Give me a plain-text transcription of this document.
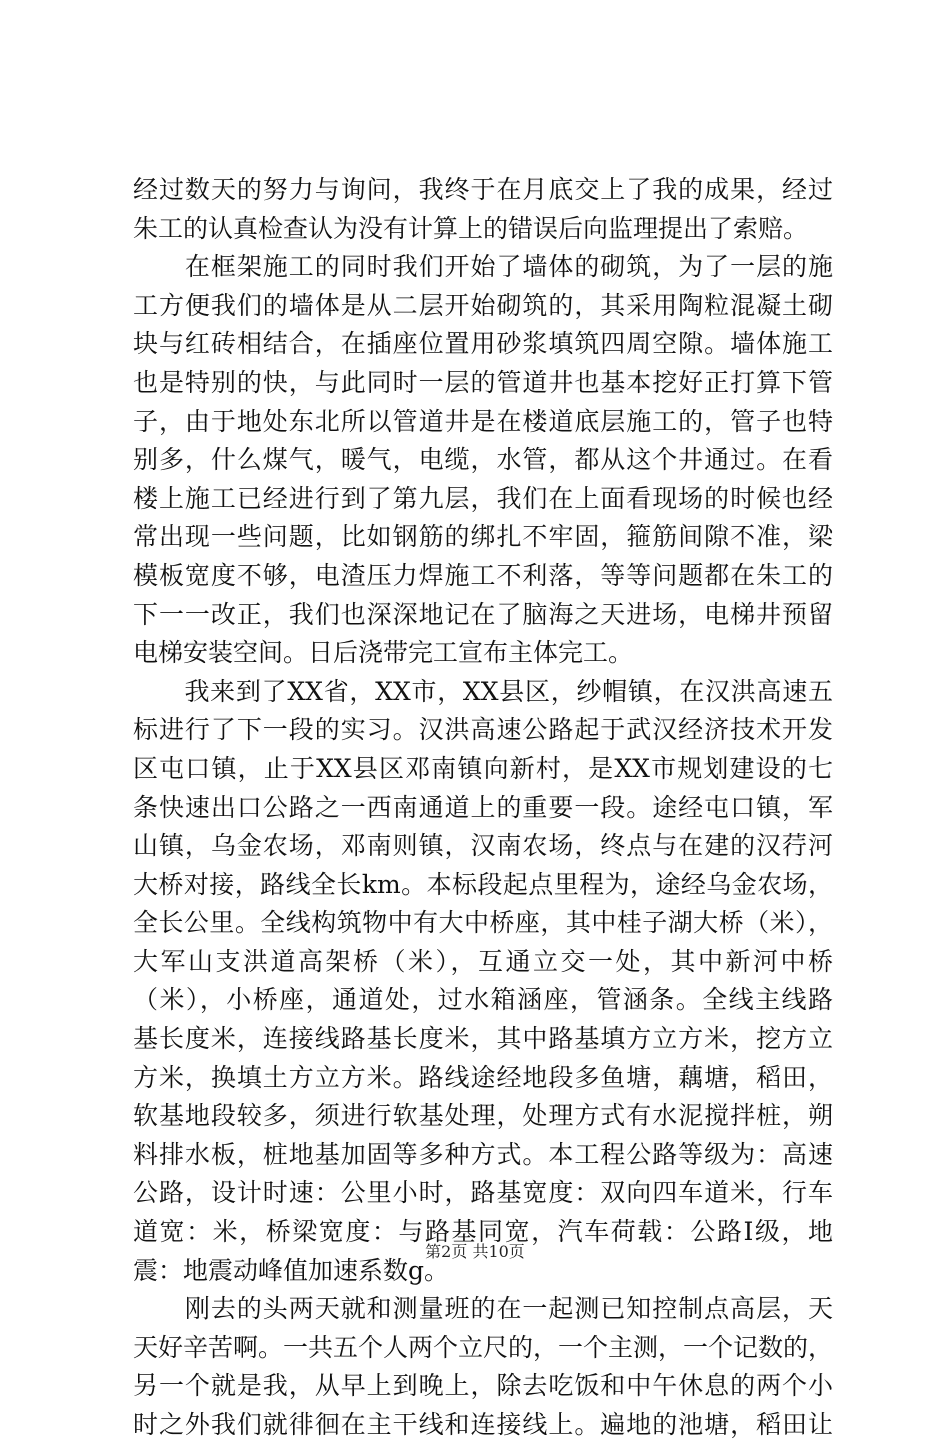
经过数天的努力与询问，我终于在月底交上了我的成果，经过
朱工的认真检查认为没有计算上的错误后向监理提出了索赔。
　　在框架施工的同时我们开始了墙体的砌筑，为了一层的施
工方便我们的墙体是从二层开始砌筑的，其采用陶粒混凝土砌
块与红砖相结合，在插座位置用砂浆填筑四周空隙。墙体施工
也是特别的快，与此同时一层的管道井也基本挖好正打算下管
子，由于地处东北所以管道井是在楼道底层施工的，管子也特
别多，什么煤气，暖气，电缆，水管，都从这个井通过。在看
楼上施工已经进行到了第九层，我们在上面看现场的时候也经
常出现一些问题，比如钢筋的绑扎不牢固，箍筋间隙不准，梁
模板宽度不够，电渣压力焊施工不利落，等等问题都在朱工的
下一一改正，我们也深深地记在了脑海之天进场，电梯井预留
电梯安装空间。日后浇带完工宣布主体完工。
　　我来到了XX省，XX市，XX县区，纱帽镇，在汉洪高速五
标进行了下一段的实习。汉洪高速公路起于武汉经济技术开发
区屯口镇，止于XX县区邓南镇向新村，是XX市规划建设的七
条快速出口公路之一西南通道上的重要一段。途经屯口镇，军
山镇，乌金农场，邓南则镇，汉南农场，终点与在建的汉荇河
大桥对接，路线全长km。本标段起点里程为，途经乌金农场，
全长公里。全线构筑物中有大中桥座，其中桂子湖大桥（米），
大军山支洪道高架桥（米），互通立交一处，其中新河中桥
（米），小桥座，通道处，过水箱涵座，管涵条。全线主线路
基长度米，连接线路基长度米，其中路基填方立方米，挖方立
方米，换填土方立方米。路线途经地段多鱼塘，藕塘，稻田，
软基地段较多，须进行软基处理，处理方式有水泥搅拌桩，朔
料排水板，桩地基加固等多种方式。本工程公路等级为：高速
公路，设计时速：公里小时，路基宽度：双向四车道米，行车
道宽：米，桥梁宽度：与路基同宽，汽车荷载：公路Ⅰ级，地
震：地震动峰值加速系数g。
　　刚去的头两天就和测量班的在一起测已知控制点高层，天
天好辛苦啊。一共五个人两个立尺的，一个主测，一个记数的，
另一个就是我，从早上到晚上，除去吃饭和中午休息的两个小
时之外我们就徘徊在主干线和连接线上。遍地的池塘，稻田让
第2页 共10页
